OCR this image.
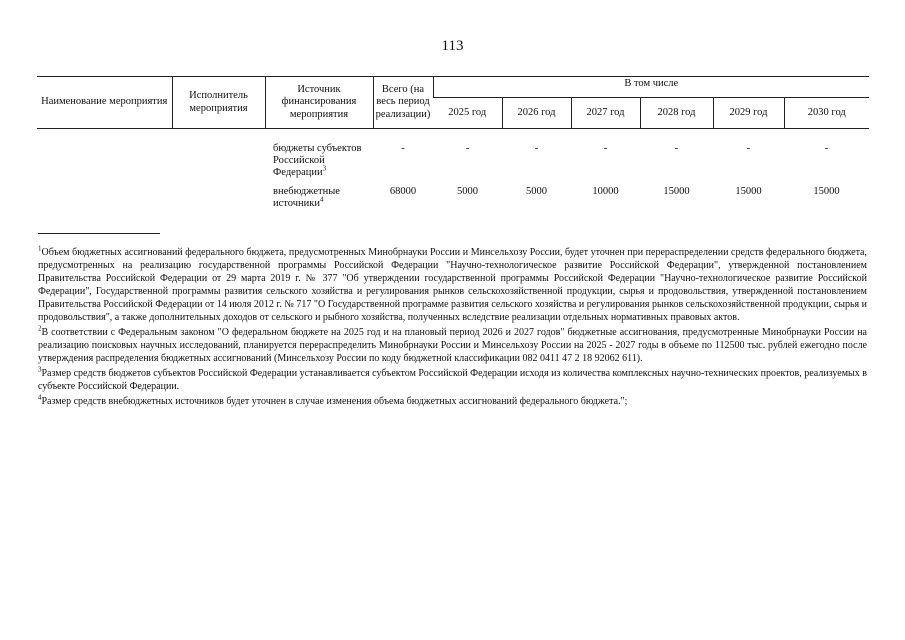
113
Наименование мероприятия	Исполнитель мероприятия	Источник финансирования мероприятия	Всего (на весь период реализации)	В том числе					
				2025 год	2026 год	2027 год	2028 год	2029 год	2030 год
		бюджеты субъектов Российской Федерации$^3$	-	-	-	-	-	-	-
		внебюджетные источники$^4$	68000	5000	5000	10000	15000	15000	15000

$^1$Объем бюджетных ассигнований федерального бюджета, предусмотренных Минобрнауки России и Минсельхозу России, будет уточнен при перераспределении средств федерального бюджета, предусмотренных на реализацию государственной программы Российской Федерации "Научно-технологическое развитие Российской Федерации", утвержденной постановлением Правительства Российской Федерации от 29 марта 2019 г. № 377 "Об утверждении государственной программы Российской Федерации "Научно-технологическое развитие Российской Федерации", Государственной программы развития сельского хозяйства и регулирования рынков сельскохозяйственной продукции, сырья и продовольствия, утвержденной постановлением Правительства Российской Федерации от 14 июля 2012 г. № 717 "О Государственной программе развития сельского хозяйства и регулирования рынков сельскохозяйственной продукции, сырья и продовольствия", а также дополнительных доходов от сельского и рыбного хозяйства, полученных вследствие реализации отдельных нормативных правовых актов.

$^2$В соответствии с Федеральным законом "О федеральном бюджете на 2025 год и на плановый период 2026 и 2027 годов" бюджетные ассигнования, предусмотренные Минобрнауки России на реализацию поисковых научных исследований, планируется перераспределить Минобрнауки России и Минсельхозу России на 2025 - 2027 годы в объеме по 112500 тыс. рублей ежегодно после утверждения распределения бюджетных ассигнований (Минсельхозу России по коду бюджетной классификации 082 0411 47 2 18 92062 611).

$^3$Размер средств бюджетов субъектов Российской Федерации устанавливается субъектом Российской Федерации исходя из количества комплексных научно-технических проектов, реализуемых в субъекте Российской Федерации.

$^4$Размер средств внебюджетных источников будет уточнен в случае изменения объема бюджетных ассигнований федерального бюджета.";
